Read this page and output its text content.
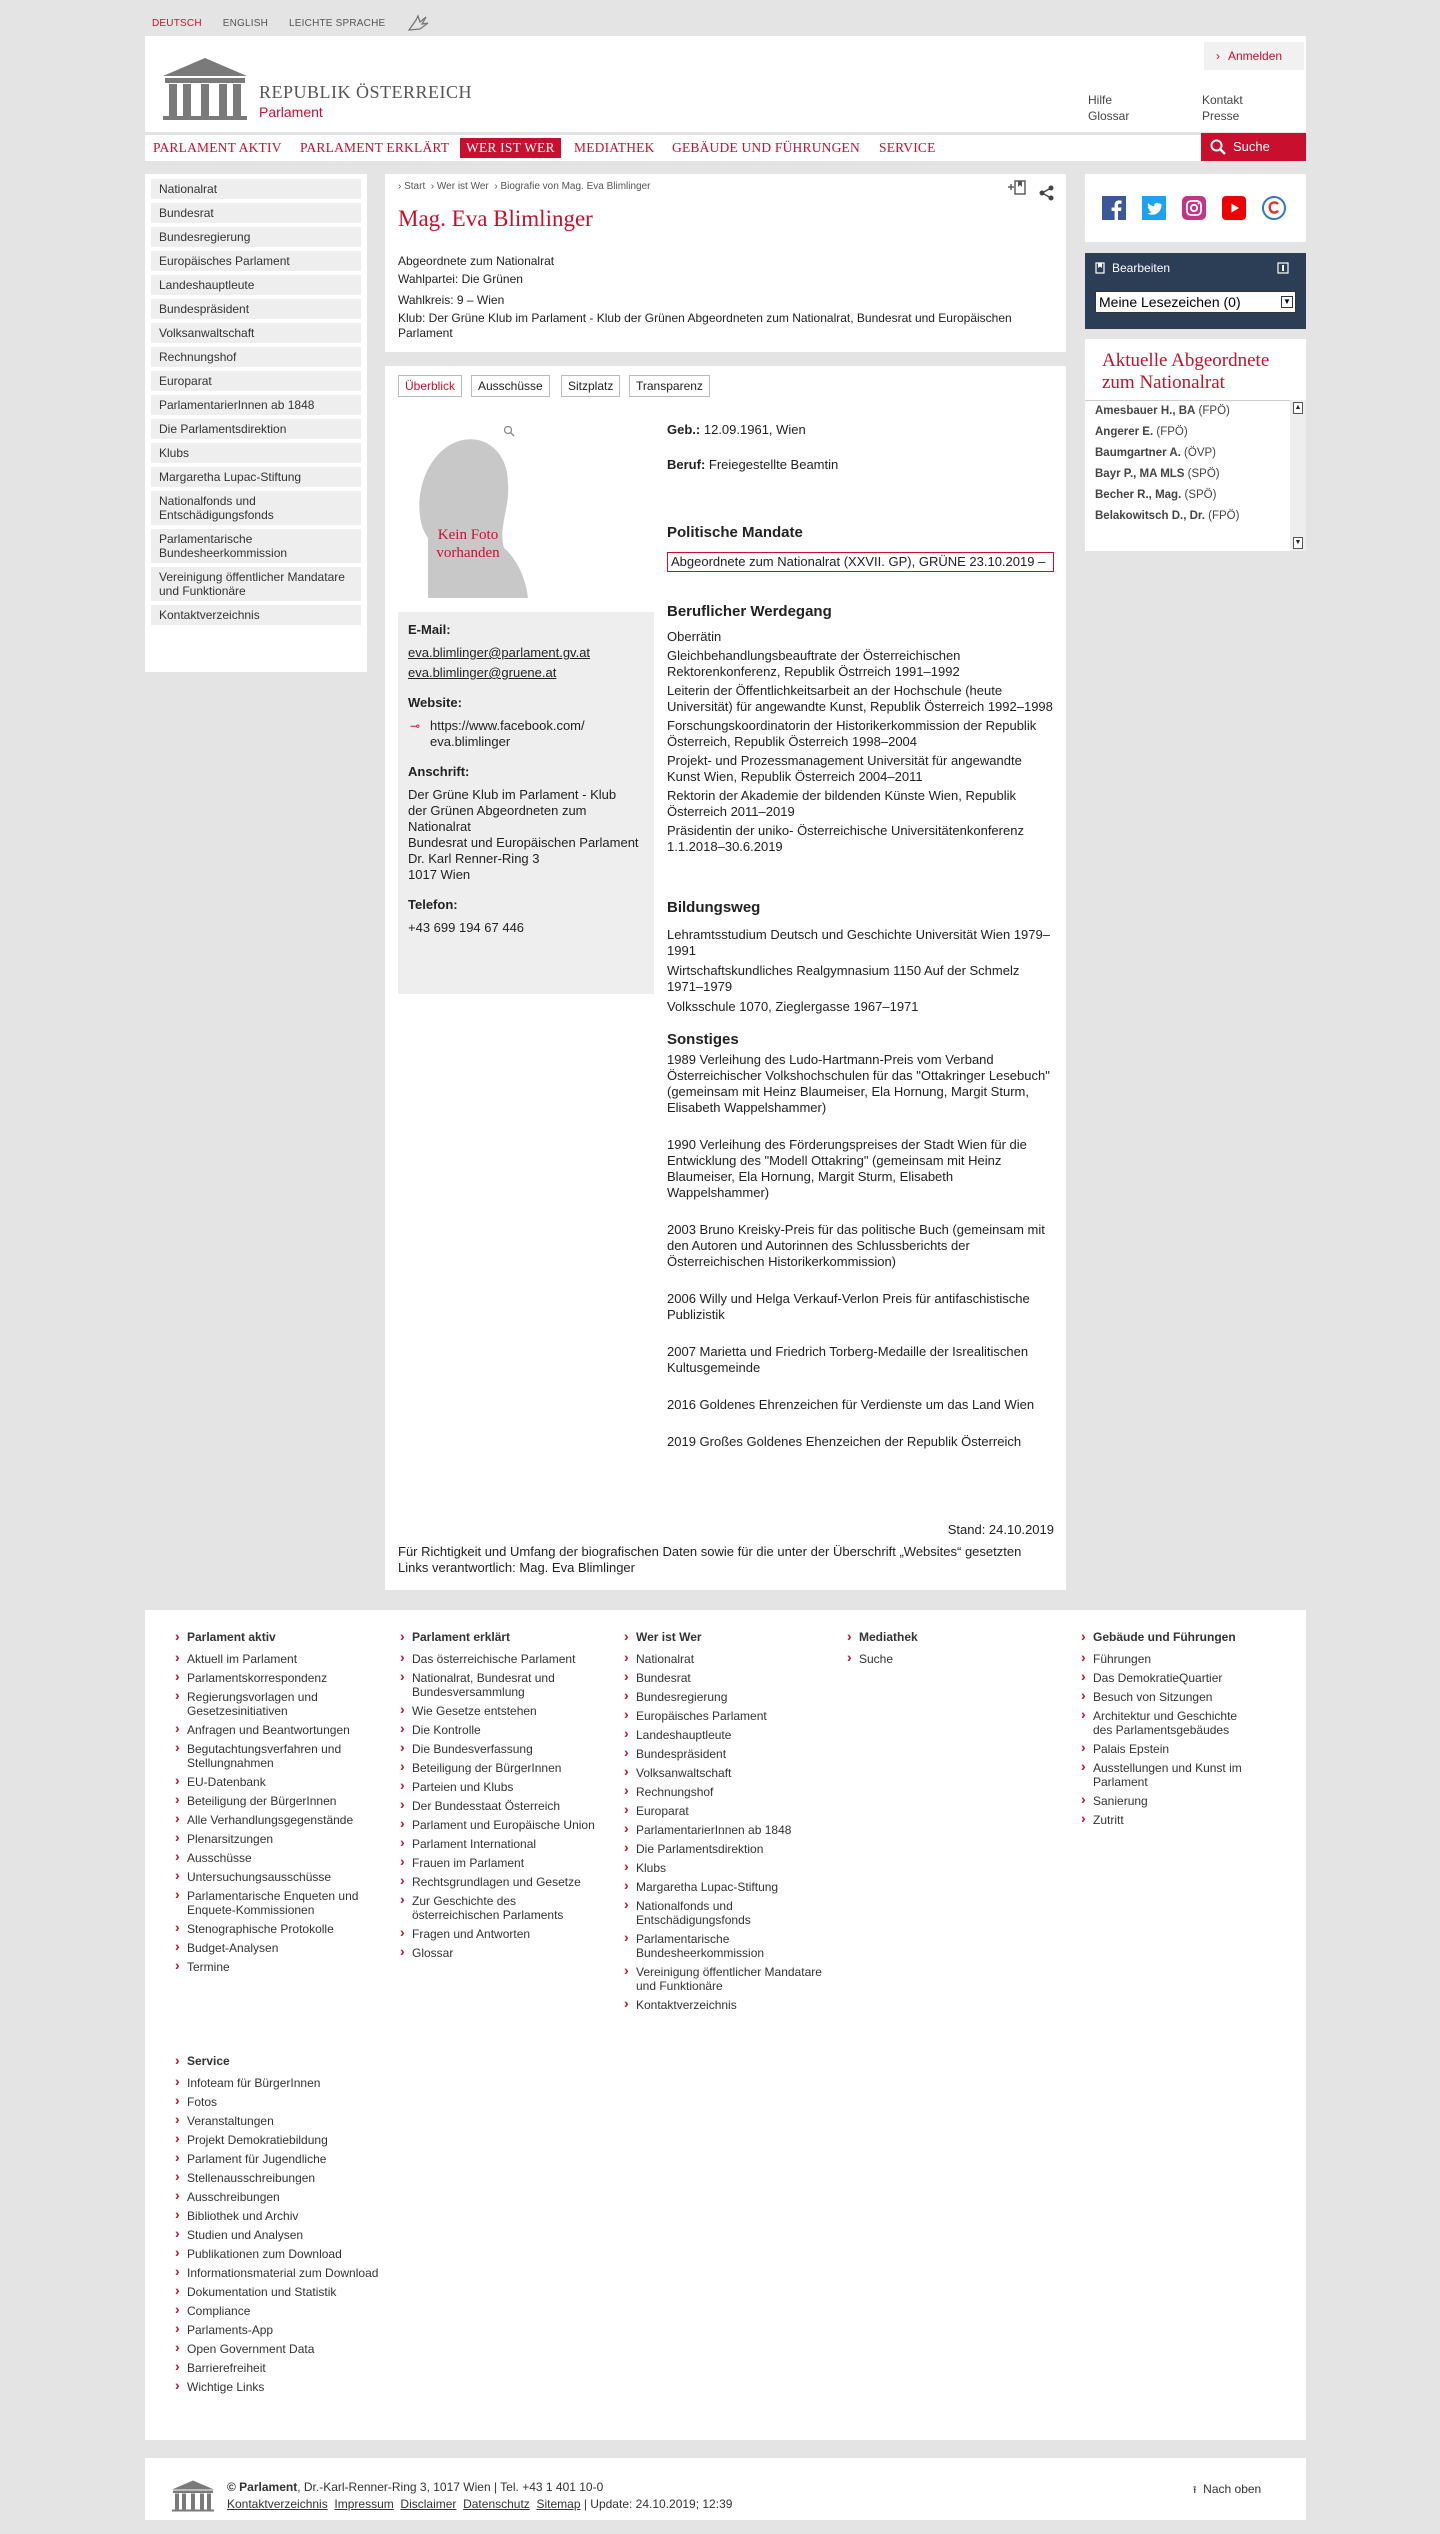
DEUTSCH ENGLISH LEICHTE SPRACHE
REPUBLIK ÖSTERREICH
Parlament
› Anmelden
Hilfe
Glossar
Kontakt
Presse
PARLAMENT AKTIV PARLAMENT ERKLÄRT	WER IST WER	MEDIATHEK GEBÄUDE UND FÜHRUNGEN SERVICE	Suche
Nationalrat
Bundesrat
Bundesregierung
Europäisches Parlament
Landeshauptleute
Bundespräsident
Volksanwaltschaft
Rechnungshof
Europarat
ParlamentarierInnen ab 1848
Die Parlamentsdirektion
Klubs
Margaretha Lupac-Stiftung
Nationalfonds und Entschädigungsfonds
Parlamentarische Bundesheerkommission
Vereinigung öffentlicher Mandatare und Funktionäre
Kontaktverzeichnis
› Start › Wer ist Wer › Biografie von Mag. Eva Blimlinger
Mag. Eva Blimlinger
Abgeordnete zum Nationalrat
Wahlpartei: Die Grünen
Wahlkreis: 9 – Wien
Klub: Der Grüne Klub im Parlament - Klub der Grünen Abgeordneten zum Nationalrat, Bundesrat und Europäischen Parlament
Überblick	Ausschüsse	Sitzplatz	Transparenz
Kein Foto vorhanden
E-Mail:
eva.blimlinger@parlament.gv.at
eva.blimlinger@gruene.at
Website:
⊸ https://www.facebook.com/ eva.blimlinger
Anschrift:
Der Grüne Klub im Parlament - Klub der Grünen Abgeordneten zum Nationalrat
Bundesrat und Europäischen Parlament
Dr. Karl Renner-Ring 3
1017 Wien
Telefon:
+43 699 194 67 446
Geb.: 12.09.1961, Wien
Beruf: Freiegestellte Beamtin
Politische Mandate
Abgeordnete zum Nationalrat (XXVII. GP), GRÜNE 23.10.2019 –
Beruflicher Werdegang
Oberrätin
Gleichbehandlungsbeauftrate der Österreichischen Rektorenkonferenz, Republik Östrreich 1991–1992
Leiterin der Öffentlichkeitsarbeit an der Hochschule (heute Universität) für angewandte Kunst, Republik Österreich 1992–1998
Forschungskoordinatorin der Historikerkommission der Republik Österreich, Republik Österreich 1998–2004
Projekt- und Prozessmanagement Universität für angewandte Kunst Wien, Republik Österreich 2004–2011
Rektorin der Akademie der bildenden Künste Wien, Republik Österreich 2011–2019
Präsidentin der uniko- Österreichische Universitätenkonferenz 1.1.2018–30.6.2019
Bildungsweg
Lehramtsstudium Deutsch und Geschichte Universität Wien 1979–1991
Wirtschaftskundliches Realgymnasium 1150 Auf der Schmelz 1971–1979
Volksschule 1070, Zieglergasse 1967–1971
Sonstiges
1989 Verleihung des Ludo-Hartmann-Preis vom Verband Österreichischer Volkshochschulen für das "Ottakringer Lesebuch" (gemeinsam mit Heinz Blaumeiser, Ela Hornung, Margit Sturm, Elisabeth Wappelshammer)
1990 Verleihung des Förderungspreises der Stadt Wien für die Entwicklung des "Modell Ottakring" (gemeinsam mit Heinz Blaumeiser, Ela Hornung, Margit Sturm, Elisabeth Wappelshammer)
2003 Bruno Kreisky-Preis für das politische Buch (gemeinsam mit den Autoren und Autorinnen des Schlussberichts der Österreichischen Historikerkommission)
2006 Willy und Helga Verkauf-Verlon Preis für antifaschistische Publizistik
2007 Marietta und Friedrich Torberg-Medaille der Isrealitischen Kultusgemeinde
2016 Goldenes Ehrenzeichen für Verdienste um das Land Wien
2019 Großes Goldenes Ehenzeichen der Republik Österreich
Stand: 24.10.2019
Für Richtigkeit und Umfang der biografischen Daten sowie für die unter der Überschrift „Websites“ gesetzten Links verantwortlich: Mag. Eva Blimlinger
Bearbeiten
Meine Lesezeichen (0)	▼
Aktuelle Abgeordnete zum Nationalrat
Amesbauer H., BA (FPÖ)
Angerer E. (FPÖ)
Baumgartner A. (ÖVP)
Bayr P., MA MLS (SPÖ)
Becher R., Mag. (SPÖ)
Belakowitsch D., Dr. (FPÖ)
▲
▼
› Parlament aktiv
› Aktuell im Parlament
› Parlamentskorrespondenz
› Regierungsvorlagen und Gesetzesinitiativen
› Anfragen und Beantwortungen
› Begutachtungsverfahren und Stellungnahmen
› EU-Datenbank
› Beteiligung der BürgerInnen
› Alle Verhandlungsgegenstände
› Plenarsitzungen
› Ausschüsse
› Untersuchungsausschüsse
› Parlamentarische Enqueten und Enquete-Kommissionen
› Stenographische Protokolle
› Budget-Analysen
› Termine
› Parlament erklärt
› Das österreichische Parlament
› Nationalrat, Bundesrat und Bundesversammlung
› Wie Gesetze entstehen
› Die Kontrolle
› Die Bundesverfassung
› Beteiligung der BürgerInnen
› Parteien und Klubs
› Der Bundesstaat Österreich
› Parlament und Europäische Union
› Parlament International
› Frauen im Parlament
› Rechtsgrundlagen und Gesetze
› Zur Geschichte des österreichischen Parlaments
› Fragen und Antworten
› Glossar
› Wer ist Wer
› Nationalrat
› Bundesrat
› Bundesregierung
› Europäisches Parlament
› Landeshauptleute
› Bundespräsident
› Volksanwaltschaft
› Rechnungshof
› Europarat
› ParlamentarierInnen ab 1848
› Die Parlamentsdirektion
› Klubs
› Margaretha Lupac-Stiftung
› Nationalfonds und Entschädigungsfonds
› Parlamentarische Bundesheerkommission
› Vereinigung öffentlicher Mandatare und Funktionäre
› Kontaktverzeichnis
› Mediathek
› Suche
› Gebäude und Führungen
› Führungen
› Das DemokratieQuartier
› Besuch von Sitzungen
› Architektur und Geschichte des Parlamentsgebäudes
› Palais Epstein
› Ausstellungen und Kunst im Parlament
› Sanierung
› Zutritt
› Service
› Infoteam für BürgerInnen
› Fotos
› Veranstaltungen
› Projekt Demokratiebildung
› Parlament für Jugendliche
› Stellenausschreibungen
› Ausschreibungen
› Bibliothek und Archiv
› Studien und Analysen
› Publikationen zum Download
› Informationsmaterial zum Download
› Dokumentation und Statistik
› Compliance
› Parlaments-App
› Open Government Data
› Barrierefreiheit
› Wichtige Links
© Parlament, Dr.-Karl-Renner-Ring 3, 1017 Wien | Tel. +43 1 401 10-0
Kontaktverzeichnis Impressum Disclaimer Datenschutz Sitemap | Update: 24.10.2019; 12:39
⭱ Nach oben
